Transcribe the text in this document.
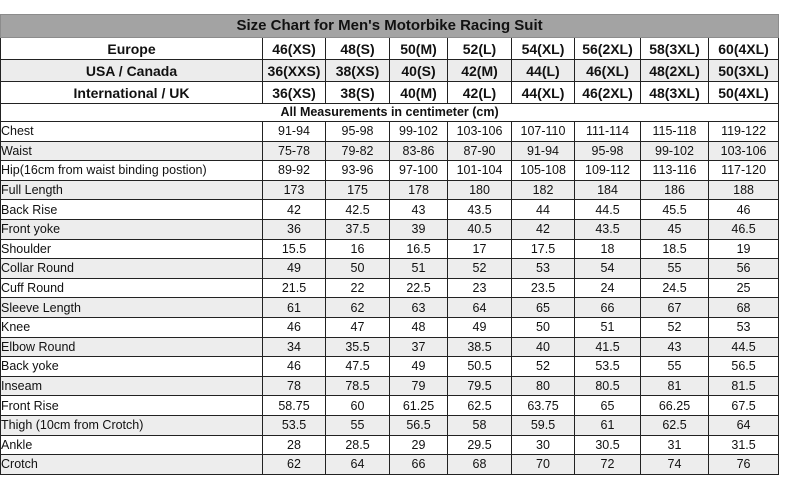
Size Chart for Men's Motorbike Racing Suit								
Europe	46(XS)	48(S)	50(M)	52(L)	54(XL)	56(2XL)	58(3XL)	60(4XL)
USA / Canada	36(XXS)	38(XS)	40(S)	42(M)	44(L)	46(XL)	48(2XL)	50(3XL)
International / UK	36(XS)	38(S)	40(M)	42(L)	44(XL)	46(2XL)	48(3XL)	50(4XL)
All Measurements in centimeter (cm)								
Chest	91-94	95-98	99-102	103-106	107-110	111-114	115-118	119-122
Waist	75-78	79-82	83-86	87-90	91-94	95-98	99-102	103-106
Hip(16cm from waist binding postion)	89-92	93-96	97-100	101-104	105-108	109-112	113-116	117-120
Full Length	173	175	178	180	182	184	186	188
Back Rise	42	42.5	43	43.5	44	44.5	45.5	46
Front yoke	36	37.5	39	40.5	42	43.5	45	46.5
Shoulder	15.5	16	16.5	17	17.5	18	18.5	19
Collar Round	49	50	51	52	53	54	55	56
Cuff Round	21.5	22	22.5	23	23.5	24	24.5	25
Sleeve Length	61	62	63	64	65	66	67	68
Knee	46	47	48	49	50	51	52	53
Elbow Round	34	35.5	37	38.5	40	41.5	43	44.5
Back yoke	46	47.5	49	50.5	52	53.5	55	56.5
Inseam	78	78.5	79	79.5	80	80.5	81	81.5
Front Rise	58.75	60	61.25	62.5	63.75	65	66.25	67.5
Thigh (10cm from Crotch)	53.5	55	56.5	58	59.5	61	62.5	64
Ankle	28	28.5	29	29.5	30	30.5	31	31.5
Crotch	62	64	66	68	70	72	74	76
